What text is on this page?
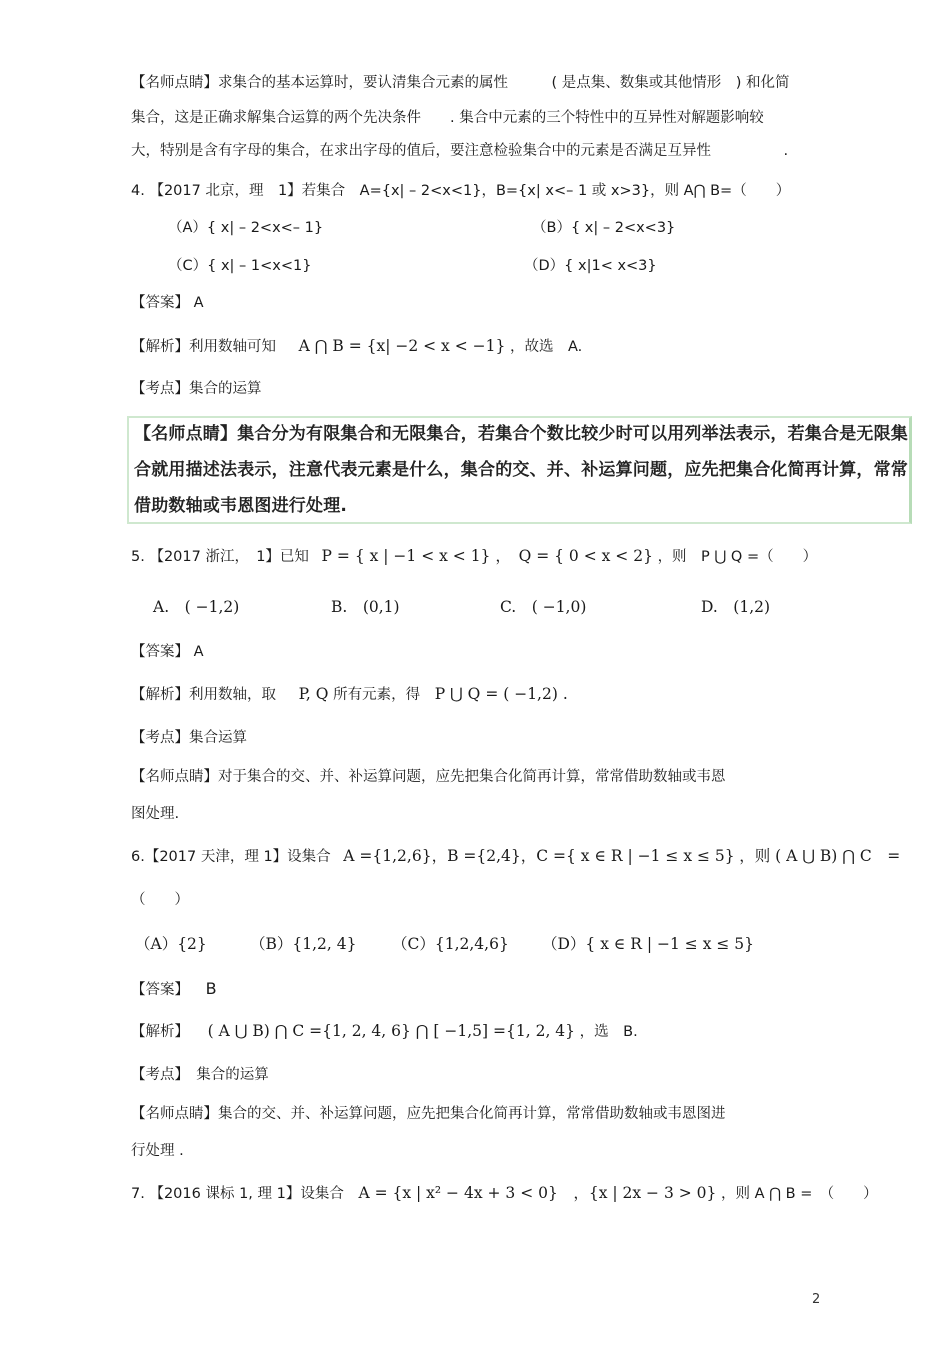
【名师点睛】求集合的基本运算时，要认清集合元素的属性　　　( 是点集、数集或其他情形　) 和化简
集合，这是正确求解集合运算的两个先决条件　　. 集合中元素的三个特性中的互异性对解题影响较
大，特别是含有字母的集合，在求出字母的值后，要注意检验集合中的元素是否满足互异性　　　　　.
4. 【2017 北京，理　1】若集合　A={x| – 2<x<1}，B={x| x<– 1 或 x>3}，则 A⋂ B=（　　）
（A）{ x| – 2<x<– 1}	（B）{ x| – 2<x<3}
（C）{ x| – 1<x<1}	（D）{ x|1< x<3}
【答案】 A
【解析】利用数轴可知 A ⋂ B = {x| −2 < x < −1} ，故选　A.
【考点】集合的运算
【名师点睛】集合分为有限集合和无限集合，若集合个数比较少时可以用列举法表示，若集合是无限集
合就用描述法表示，注意代表元素是什么，集合的交、并、补运算问题，应先把集合化简再计算，常常
借助数轴或韦恩图进行处理.
5. 【2017 浙江，　1】已知 P = { x | −1 < x < 1} ，　Q = { 0 < x < 2} ，则　P ⋃ Q =（　　）
A.　( −1,2)	B.　(0,1)	C.　( −1,0)	D.　(1,2)
【答案】 A
【解析】利用数轴，取 P, Q 所有元素，得 P ⋃ Q = ( −1,2) .
【考点】集合运算
【名师点睛】对于集合的交、并、补运算问题，应先把集合化简再计算，常常借助数轴或韦恩
图处理.
6.【2017 天津，理 1】设集合 A ={1,2,6}，B ={2,4}，C ={ x ∈ R | −1 ≤ x ≤ 5} ，则 ( A ⋃ B) ⋂ C　=
（　　）
（A）{2}	（B）{1,2, 4} （C）{1,2,4,6} （D）{ x ∈ R | −1 ≤ x ≤ 5}
【答案】 B
【解析】 ( A ⋃ B) ⋂ C ={1, 2, 4, 6} ⋂ [ −1,5] ={1, 2, 4} ，选　B.
【考点】　集合的运算
【名师点睛】集合的交、并、补运算问题，应先把集合化简再计算，常常借助数轴或韦恩图进
行处理 .
7. 【2016 课标 1, 理 1】设集合 A = {x | x² − 4x + 3 < 0}　，{x | 2x − 3 > 0} ，则 A ⋂ B =　（　　）
2
